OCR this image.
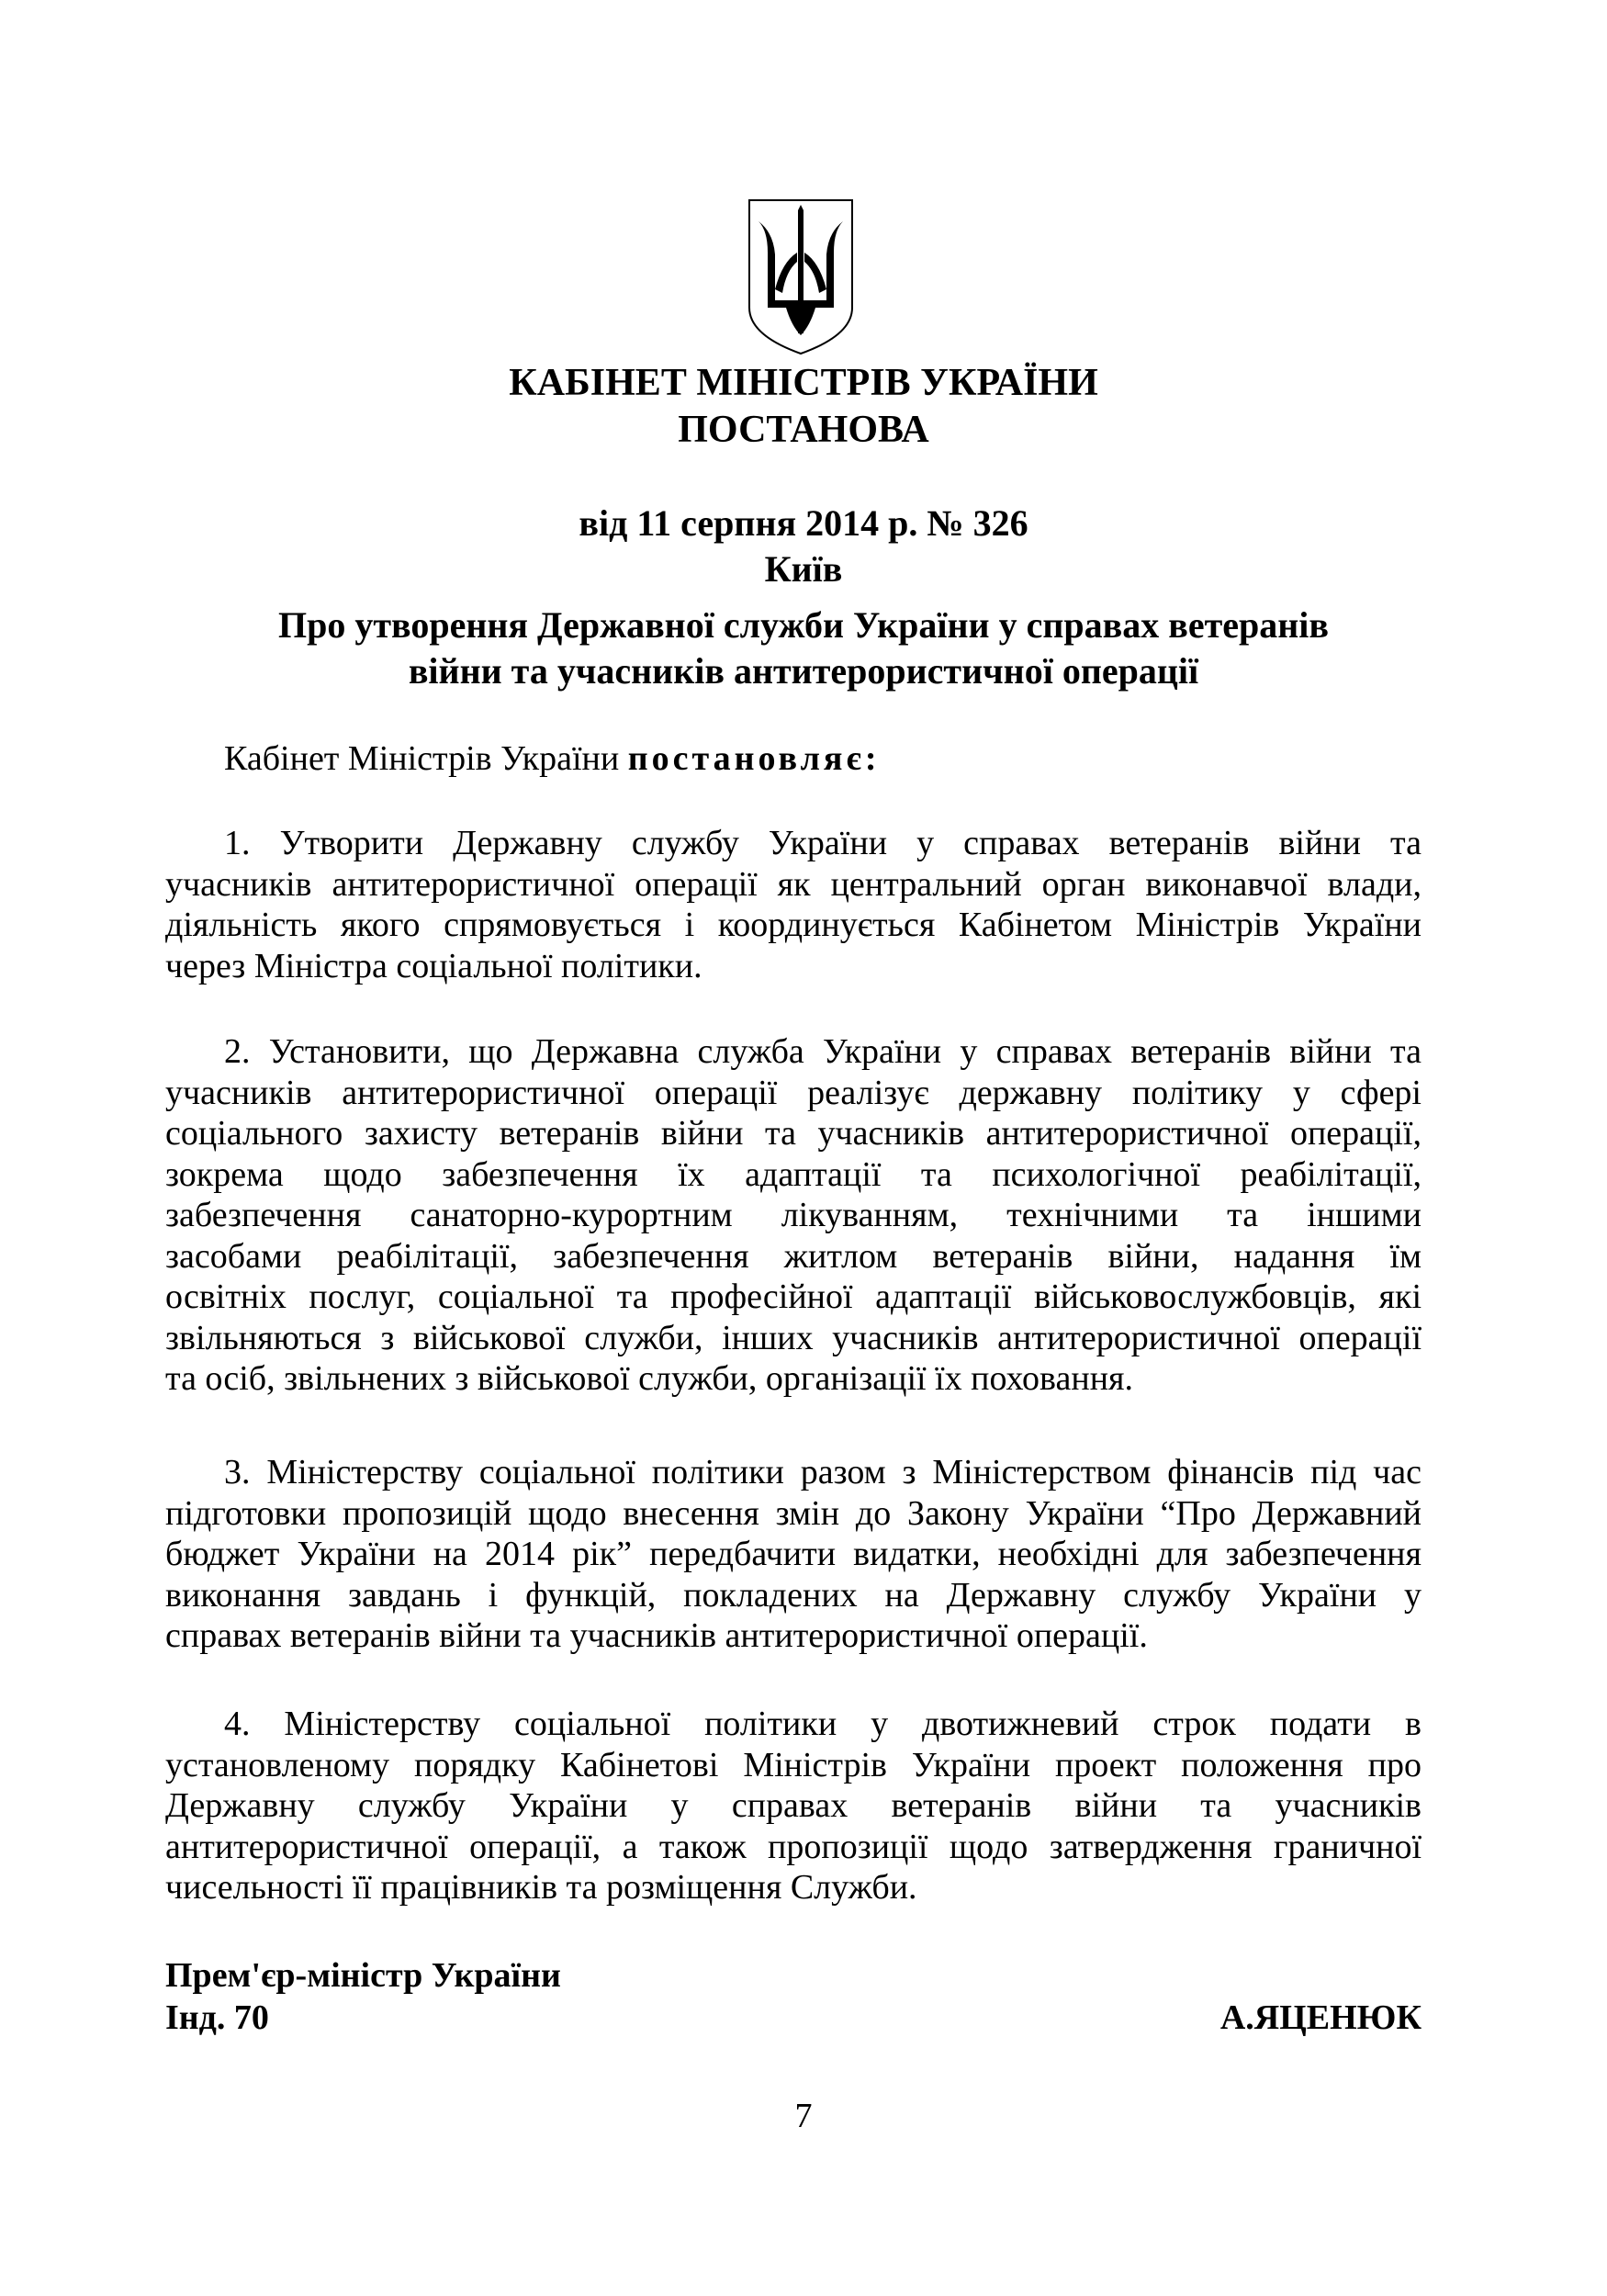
КАБІНЕТ МІНІСТРІВ УКРАЇНИ
ПОСТАНОВА
від 11 серпня 2014 р. № 326
Київ
Про утворення Державної служби України у справах ветеранів
війни та учасників антитерористичної операції
Кабінет Міністрів України постановляє:
1. Утворити Державну службу України у справах ветеранів війни та
учасників антитерористичної операції як центральний орган виконавчої влади,
діяльність якого спрямовується і координується Кабінетом Міністрів України
через Міністра соціальної політики.
2. Установити, що Державна служба України у справах ветеранів війни та
учасників антитерористичної операції реалізує державну політику у сфері
соціального захисту ветеранів війни та учасників антитерористичної операції,
зокрема щодо забезпечення їх адаптації та психологічної реабілітації,
забезпечення санаторно-курортним лікуванням, технічними та іншими
засобами реабілітації, забезпечення житлом ветеранів війни, надання їм
освітніх послуг, соціальної та професійної адаптації військовослужбовців, які
звільняються з військової служби, інших учасників антитерористичної операції
та осіб, звільнених з військової служби, організації їх поховання.
3. Міністерству соціальної політики разом з Міністерством фінансів під час
підготовки пропозицій щодо внесення змін до Закону України “Про Державний
бюджет України на 2014 рік” передбачити видатки, необхідні для забезпечення
виконання завдань і функцій, покладених на Державну службу України у
справах ветеранів війни та учасників антитерористичної операції.
4. Міністерству соціальної політики у двотижневий строк подати в
установленому порядку Кабінетові Міністрів України проект положення про
Державну службу України у справах ветеранів війни та учасників
антитерористичної операції, а також пропозиції щодо затвердження граничної
чисельності її працівників та розміщення Служби.
Прем'єр-міністр України
Інд. 70	А.ЯЦЕНЮК
7
